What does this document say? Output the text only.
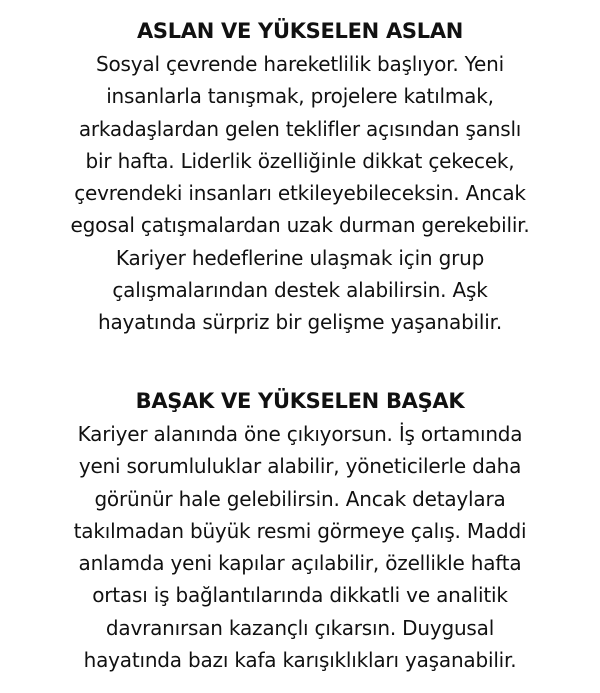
ASLAN VE YÜKSELEN ASLAN
Sosyal çevrende hareketlilik başlıyor. Yeni
insanlarla tanışmak, projelere katılmak,
arkadaşlardan gelen teklifler açısından şanslı
bir hafta. Liderlik özelliğinle dikkat çekecek,
çevrendeki insanları etkileyebileceksin. Ancak
egosal çatışmalardan uzak durman gerekebilir.
Kariyer hedeflerine ulaşmak için grup
çalışmalarından destek alabilirsin. Aşk
hayatında sürpriz bir gelişme yaşanabilir.
BAŞAK VE YÜKSELEN BAŞAK
Kariyer alanında öne çıkıyorsun. İş ortamında
yeni sorumluluklar alabilir, yöneticilerle daha
görünür hale gelebilirsin. Ancak detaylara
takılmadan büyük resmi görmeye çalış. Maddi
anlamda yeni kapılar açılabilir, özellikle hafta
ortası iş bağlantılarında dikkatli ve analitik
davranırsan kazançlı çıkarsın. Duygusal
hayatında bazı kafa karışıklıkları yaşanabilir.
